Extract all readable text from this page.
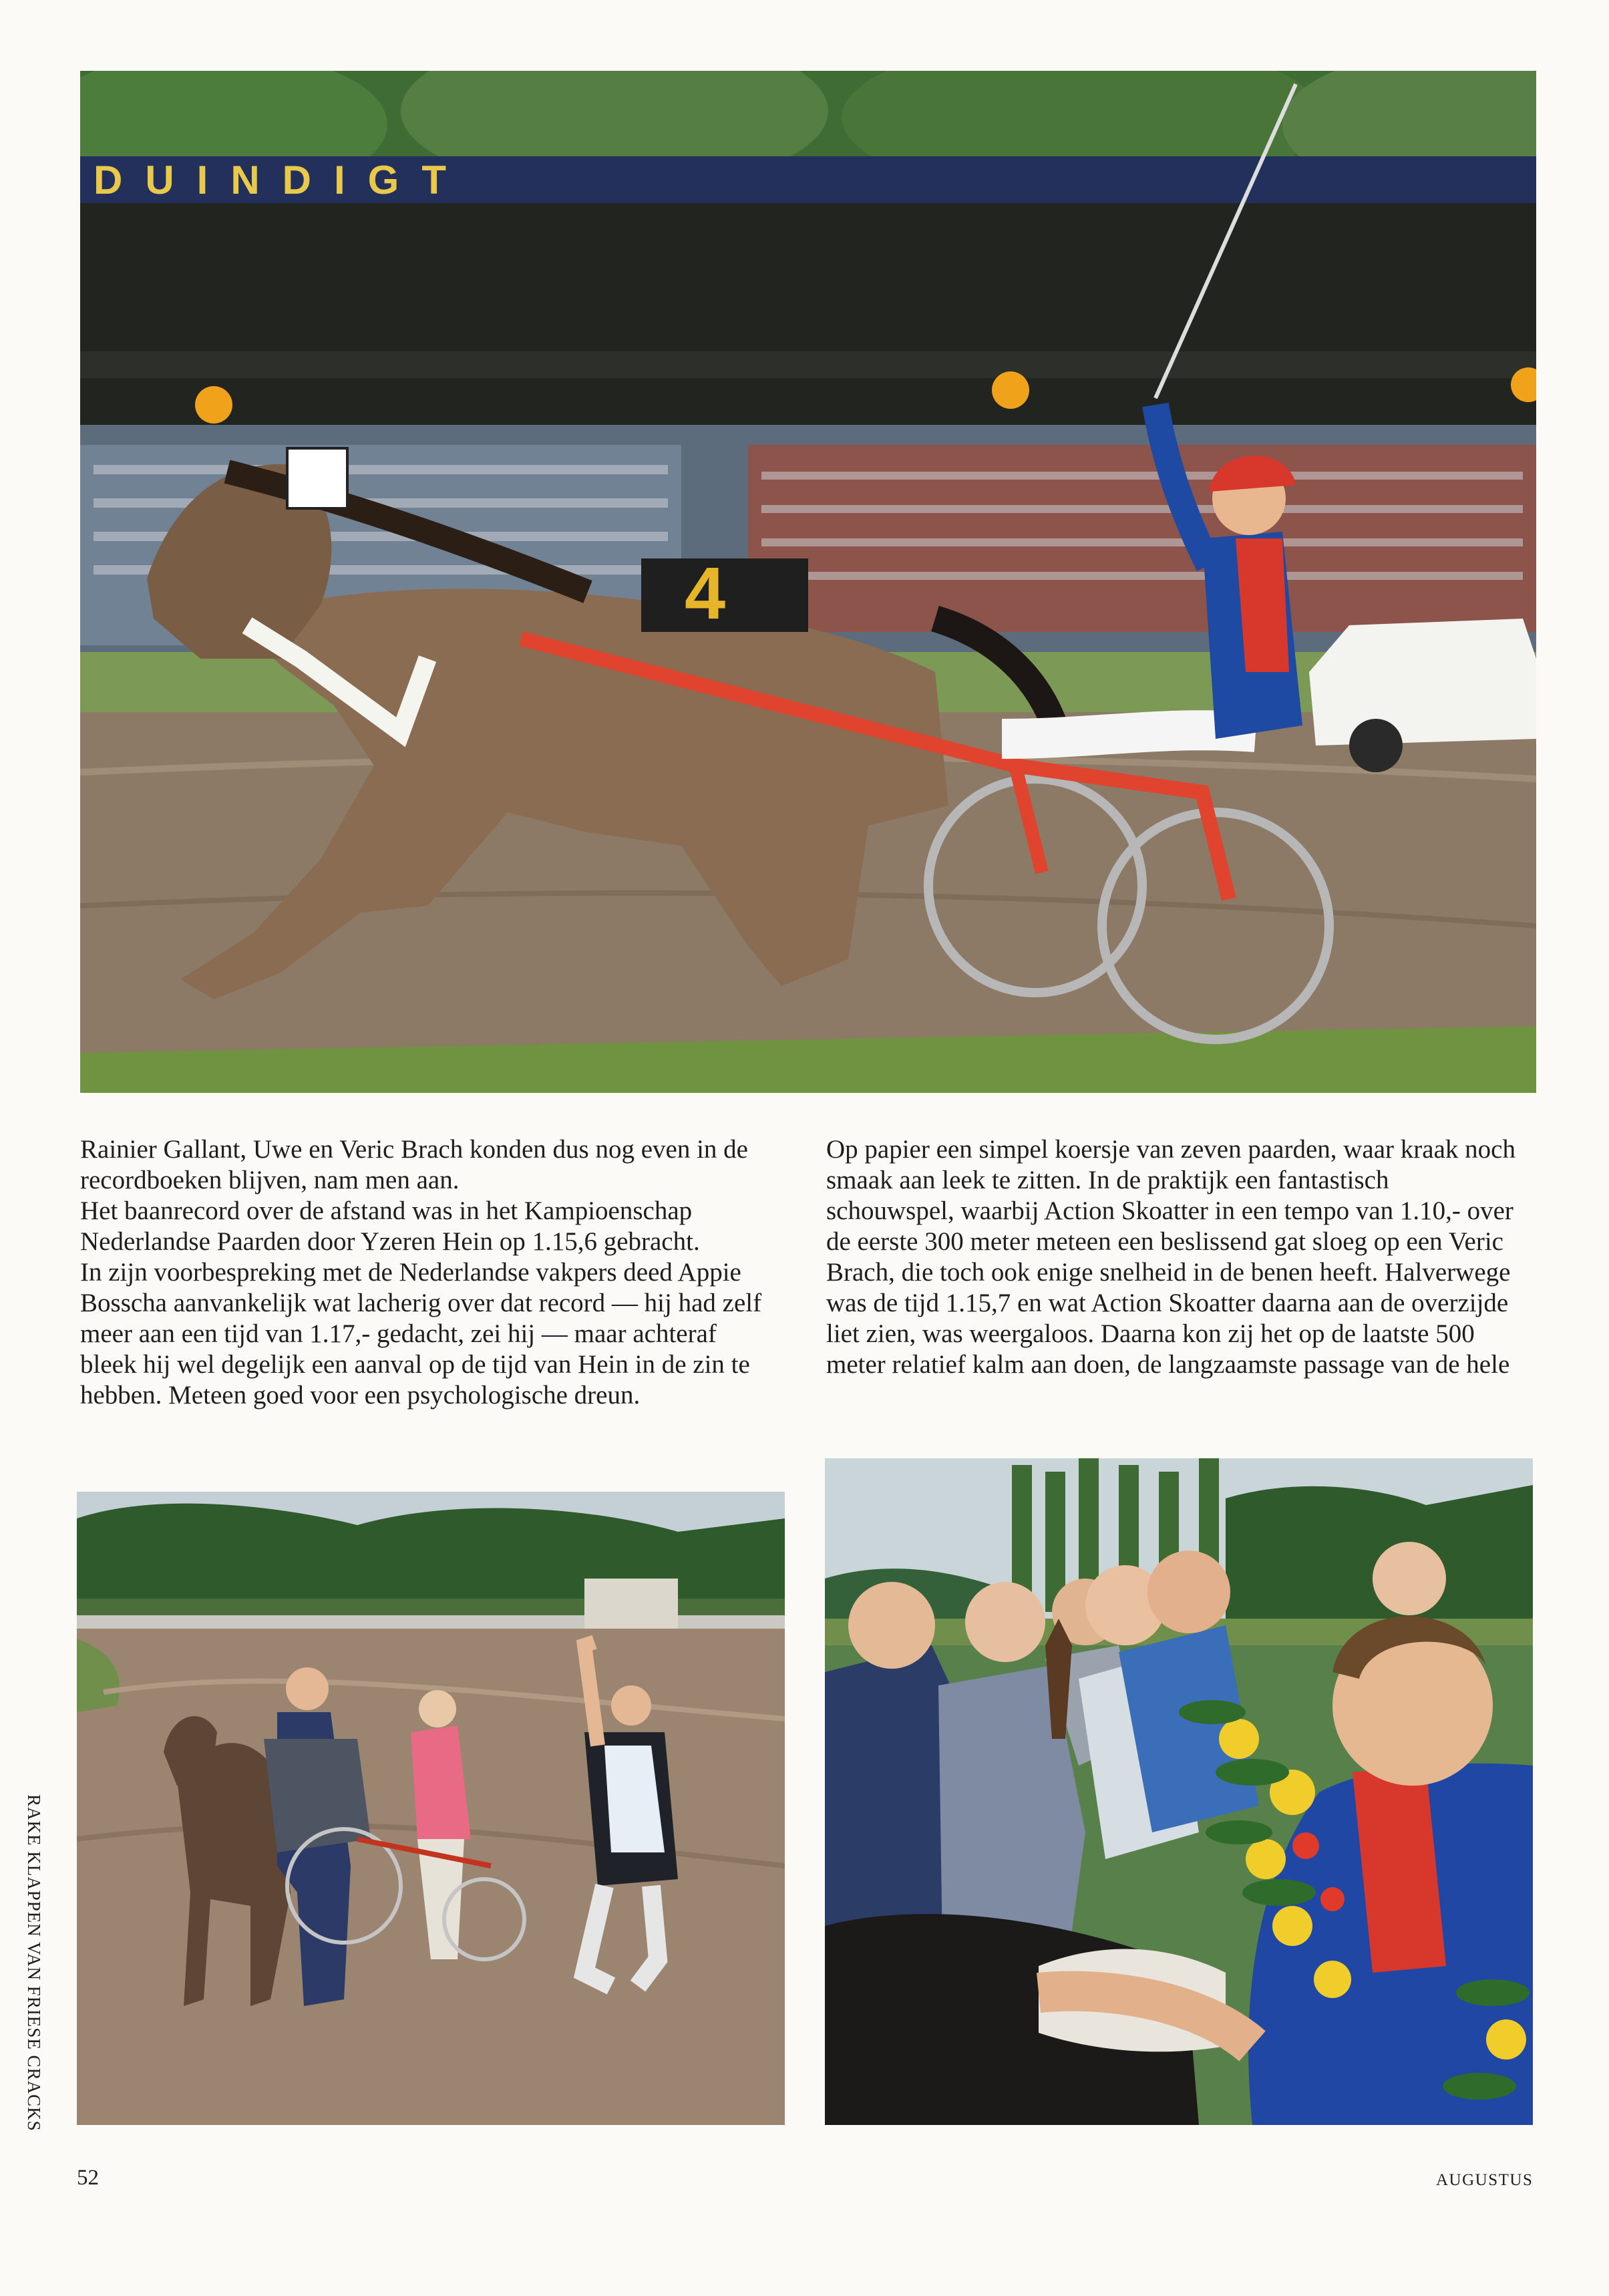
DUINDIGT
4

Rainier Gallant, Uwe en Veric Brach konden dus nog even in de recordboeken blijven, nam men aan.

Het baanrecord over de afstand was in het Kampioenschap Nederlandse Paarden door Yzeren Hein op 1.15,6 gebracht.

In zijn voorbespreking met de Nederlandse vakpers deed Appie Bosscha aanvankelijk wat lacherig over dat record — hij had zelf meer aan een tijd van 1.17,- gedacht, zei hij — maar achteraf bleek hij wel degelijk een aanval op de tijd van Hein in de zin te hebben. Meteen goed voor een psychologische dreun.

Op papier een simpel koersje van zeven paarden, waar kraak noch smaak aan leek te zitten. In de praktijk een fantastisch schouwspel, waarbij Action Skoatter in een tempo van 1.10,- over de eerste 300 meter meteen een beslissend gat sloeg op een Veric Brach, die toch ook enige snelheid in de benen heeft. Halverwege was de tijd 1.15,7 en wat Action Skoatter daarna aan de overzijde liet zien, was weergaloos. Daarna kon zij het op de laatste 500 meter relatief kalm aan doen, de langzaamste passage van de hele

RAKE KLAPPEN VAN FRIESE CRACKS
52	AUGUSTUS
